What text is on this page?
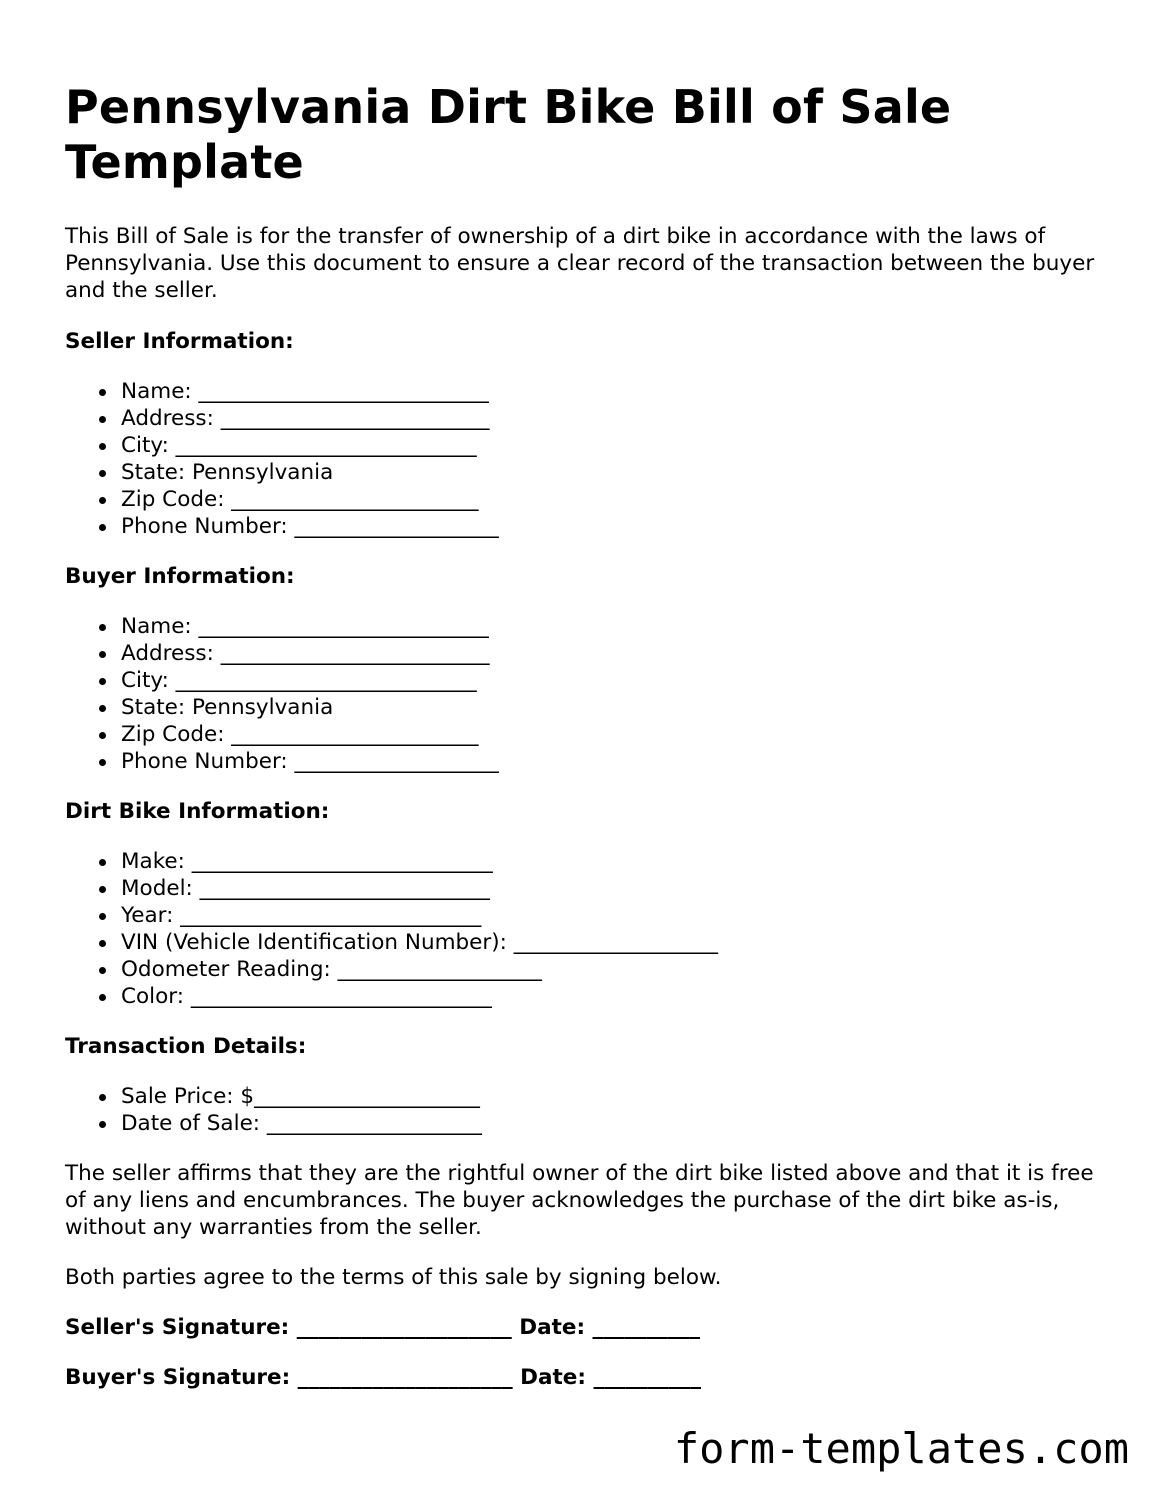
Pennsylvania Dirt Bike Bill of Sale Template

This Bill of Sale is for the transfer of ownership of a dirt bike in accordance with the laws of Pennsylvania. Use this document to ensure a clear record of the transaction between the buyer and the seller.

Seller Information:
Name: ___________________________
Address: _________________________
City: ____________________________
State: Pennsylvania
Zip Code: _______________________
Phone Number: ___________________
Buyer Information:
Name: ___________________________
Address: _________________________
City: ____________________________
State: Pennsylvania
Zip Code: _______________________
Phone Number: ___________________
Dirt Bike Information:
Make: ____________________________
Model: ___________________________
Year: ____________________________
VIN (Vehicle Identification Number): ___________________
Odometer Reading: ___________________
Color: ____________________________
Transaction Details:
Sale Price: $_____________________
Date of Sale: ____________________

The seller affirms that they are the rightful owner of the dirt bike listed above and that it is free of any liens and encumbrances. The buyer acknowledges the purchase of the dirt bike as-is, without any warranties from the seller.

Both parties agree to the terms of this sale by signing below.

Seller's Signature: ____________________ Date: __________
Buyer's Signature: ____________________ Date: __________
form-templates.com
